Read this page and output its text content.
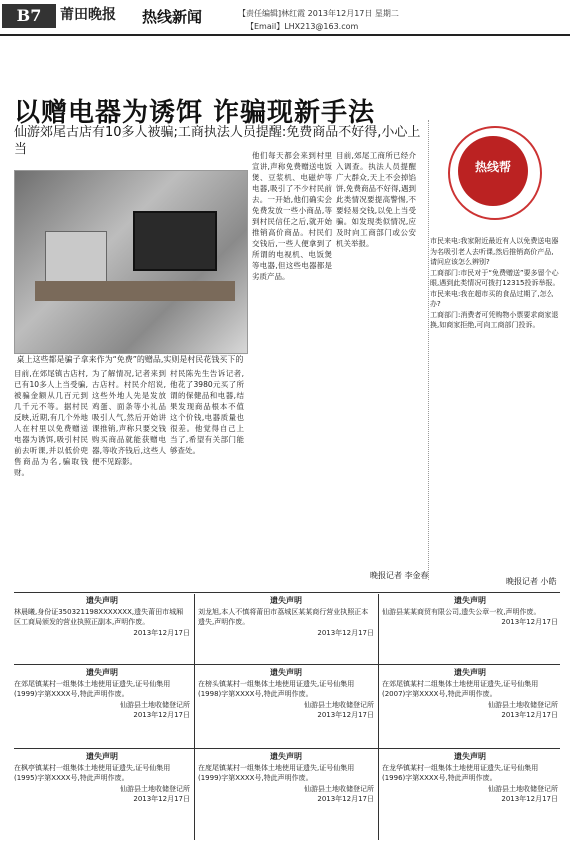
B7	莆田晚报 热线新闻	【责任编辑]林红霞 2013年12月17日 星期二
【Email】LHX213@163.com
以赠电器为诱饵 诈骗现新手法
仙游郊尾古店有10多人被骗;工商执法人员提醒:免费商品不好得,小心上当
桌上这些都是骗子拿来作为“免费”的赠品,实则是村民花钱买下的
目前,在郊尾镇古店村,已有10多人上当受骗,被骗金额从几百元到几千元不等。据村民反映,近期,有几个外地人在村里以免费赠送电器为诱饵,吸引村民前去听课,并以低价兜售商品为名,骗取钱财。
为了解情况,记者来到古店村。村民介绍说,这些外地人先是发放鸡蛋、面条等小礼品吸引人气,然后开始讲课推销,声称只要交钱购买商品就能获赠电器,等收齐钱后,这些人便不见踪影。
村民陈先生告诉记者,他花了3980元买了所谓的保健品和电器,结果发现商品根本不值这个价钱,电器质量也很差。他觉得自己上当了,希望有关部门能够查处。
他们每天都会来到村里宣讲,声称免费赠送电饭煲、豆浆机、电磁炉等电器,吸引了不少村民前去。一开始,他们确实会免费发放一些小商品,等到村民信任之后,就开始推销高价商品。村民们交钱后,一些人便拿到了所谓的电视机、电饭煲等电器,但这些电器都是劣质产品。
目前,郊尾工商所已经介入调查。执法人员提醒广大群众,天上不会掉馅饼,免费商品不好得,遇到此类情况要提高警惕,不要轻易交钱,以免上当受骗。如发现类似情况,应及时向工商部门或公安机关举报。
晚报记者 李金春
热线帮
市民来电:我家附近最近有人以免费送电器为名吸引老人去听课,然后推销高价产品,请问应该怎么辨别?
工商部门:市民对于“免费赠送”要多留个心眼,遇到此类情况可拨打12315投诉举报。
市民来电:我在超市买的食品过期了,怎么办?
工商部门:消费者可凭购物小票要求商家退换,如商家拒绝,可向工商部门投诉。
晚报记者 小皓
遗失声明
林晨曦,身份证350321198XXXXXXX,遗失莆田市城厢区工商局颁发的营业执照正副本,声明作废。
2013年12月17日
遗失声明
刘龙旭,本人不慎将莆田市荔城区某某商行营业执照正本遗失,声明作废。
2013年12月17日
遗失声明
仙游县某某商贸有限公司,遗失公章一枚,声明作废。
2013年12月17日
遗失声明
在郊尾镇某村一组集体土地使用证遗失,证号仙集用(1999)字第XXXX号,特此声明作废。
仙游县土地收储登记所
2013年12月17日
遗失声明
在榜头镇某村一组集体土地使用证遗失,证号仙集用(1998)字第XXXX号,特此声明作废。
仙游县土地收储登记所
2013年12月17日
遗失声明
在郊尾镇某村二组集体土地使用证遗失,证号仙集用(2007)字第XXXX号,特此声明作废。
仙游县土地收储登记所
2013年12月17日
遗失声明
在枫亭镇某村一组集体土地使用证遗失,证号仙集用(1995)字第XXXX号,特此声明作废。
仙游县土地收储登记所
2013年12月17日
遗失声明
在度尾镇某村一组集体土地使用证遗失,证号仙集用(1999)字第XXXX号,特此声明作废。
仙游县土地收储登记所
2013年12月17日
遗失声明
在龙华镇某村一组集体土地使用证遗失,证号仙集用(1996)字第XXXX号,特此声明作废。
仙游县土地收储登记所
2013年12月17日
